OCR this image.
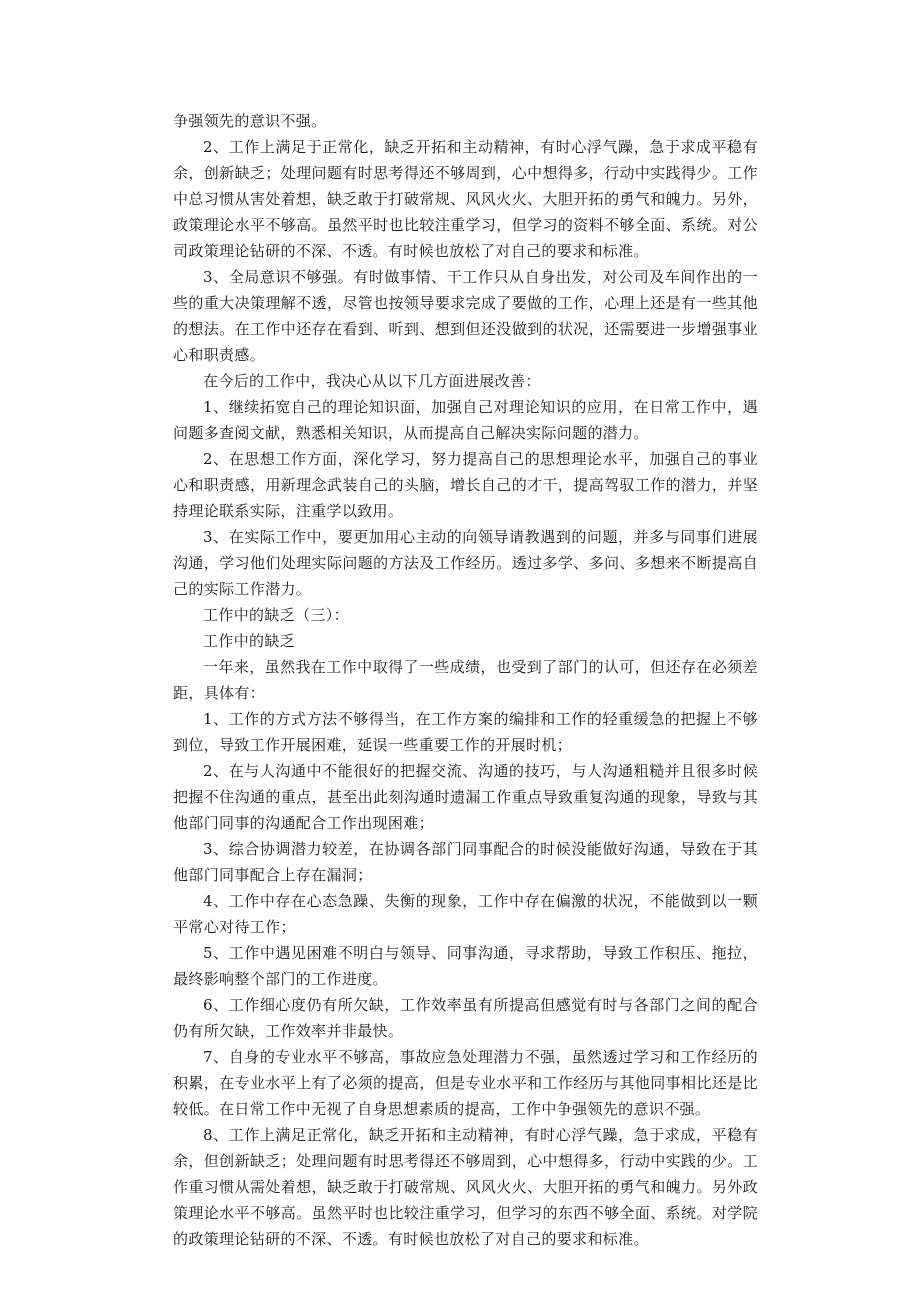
争强领先的意识不强。

2、工作上满足于正常化，缺乏开拓和主动精神，有时心浮气躁，急于求成平稳有余，创新缺乏；处理问题有时思考得还不够周到，心中想得多，行动中实践得少。工作中总习惯从害处着想，缺乏敢于打破常规、风风火火、大胆开拓的勇气和魄力。另外，政策理论水平不够高。虽然平时也比较注重学习，但学习的资料不够全面、系统。对公司政策理论钻研的不深、不透。有时候也放松了对自己的要求和标准。

3、全局意识不够强。有时做事情、干工作只从自身出发，对公司及车间作出的一些的重大决策理解不透，尽管也按领导要求完成了要做的工作，心理上还是有一些其他的想法。在工作中还存在看到、听到、想到但还没做到的状况，还需要进一步增强事业心和职责感。

在今后的工作中，我决心从以下几方面进展改善：

1、继续拓宽自己的理论知识面，加强自己对理论知识的应用，在日常工作中，遇问题多查阅文献，熟悉相关知识，从而提高自己解决实际问题的潜力。

2、在思想工作方面，深化学习，努力提高自己的思想理论水平，加强自己的事业心和职责感，用新理念武装自己的头脑，增长自己的才干，提高驾驭工作的潜力，并坚持理论联系实际，注重学以致用。

3、在实际工作中，要更加用心主动的向领导请教遇到的问题，并多与同事们进展沟通，学习他们处理实际问题的方法及工作经历。透过多学、多问、多想来不断提高自己的实际工作潜力。

工作中的缺乏（三）：

工作中的缺乏

一年来，虽然我在工作中取得了一些成绩，也受到了部门的认可，但还存在必须差距，具体有：

1、工作的方式方法不够得当，在工作方案的编排和工作的轻重缓急的把握上不够到位，导致工作开展困难，延误一些重要工作的开展时机；

2、在与人沟通中不能很好的把握交流、沟通的技巧，与人沟通粗糙并且很多时候把握不住沟通的重点，甚至出此刻沟通时遗漏工作重点导致重复沟通的现象，导致与其他部门同事的沟通配合工作出现困难；

3、综合协调潜力较差，在协调各部门同事配合的时候没能做好沟通，导致在于其他部门同事配合上存在漏洞；

4、工作中存在心态急躁、失衡的现象，工作中存在偏激的状况，不能做到以一颗平常心对待工作；

5、工作中遇见困难不明白与领导、同事沟通，寻求帮助，导致工作积压、拖拉，最终影响整个部门的工作进度。

6、工作细心度仍有所欠缺，工作效率虽有所提高但感觉有时与各部门之间的配合仍有所欠缺，工作效率并非最快。

7、自身的专业水平不够高，事故应急处理潜力不强，虽然透过学习和工作经历的积累，在专业水平上有了必须的提高，但是专业水平和工作经历与其他同事相比还是比较低。在日常工作中无视了自身思想素质的提高，工作中争强领先的意识不强。

8、工作上满足正常化，缺乏开拓和主动精神，有时心浮气躁，急于求成，平稳有余，但创新缺乏；处理问题有时思考得还不够周到，心中想得多，行动中实践的少。工作重习惯从需处着想，缺乏敢于打破常规、风风火火、大胆开拓的勇气和魄力。另外政策理论水平不够高。虽然平时也比较注重学习，但学习的东西不够全面、系统。对学院的政策理论钻研的不深、不透。有时候也放松了对自己的要求和标准。
